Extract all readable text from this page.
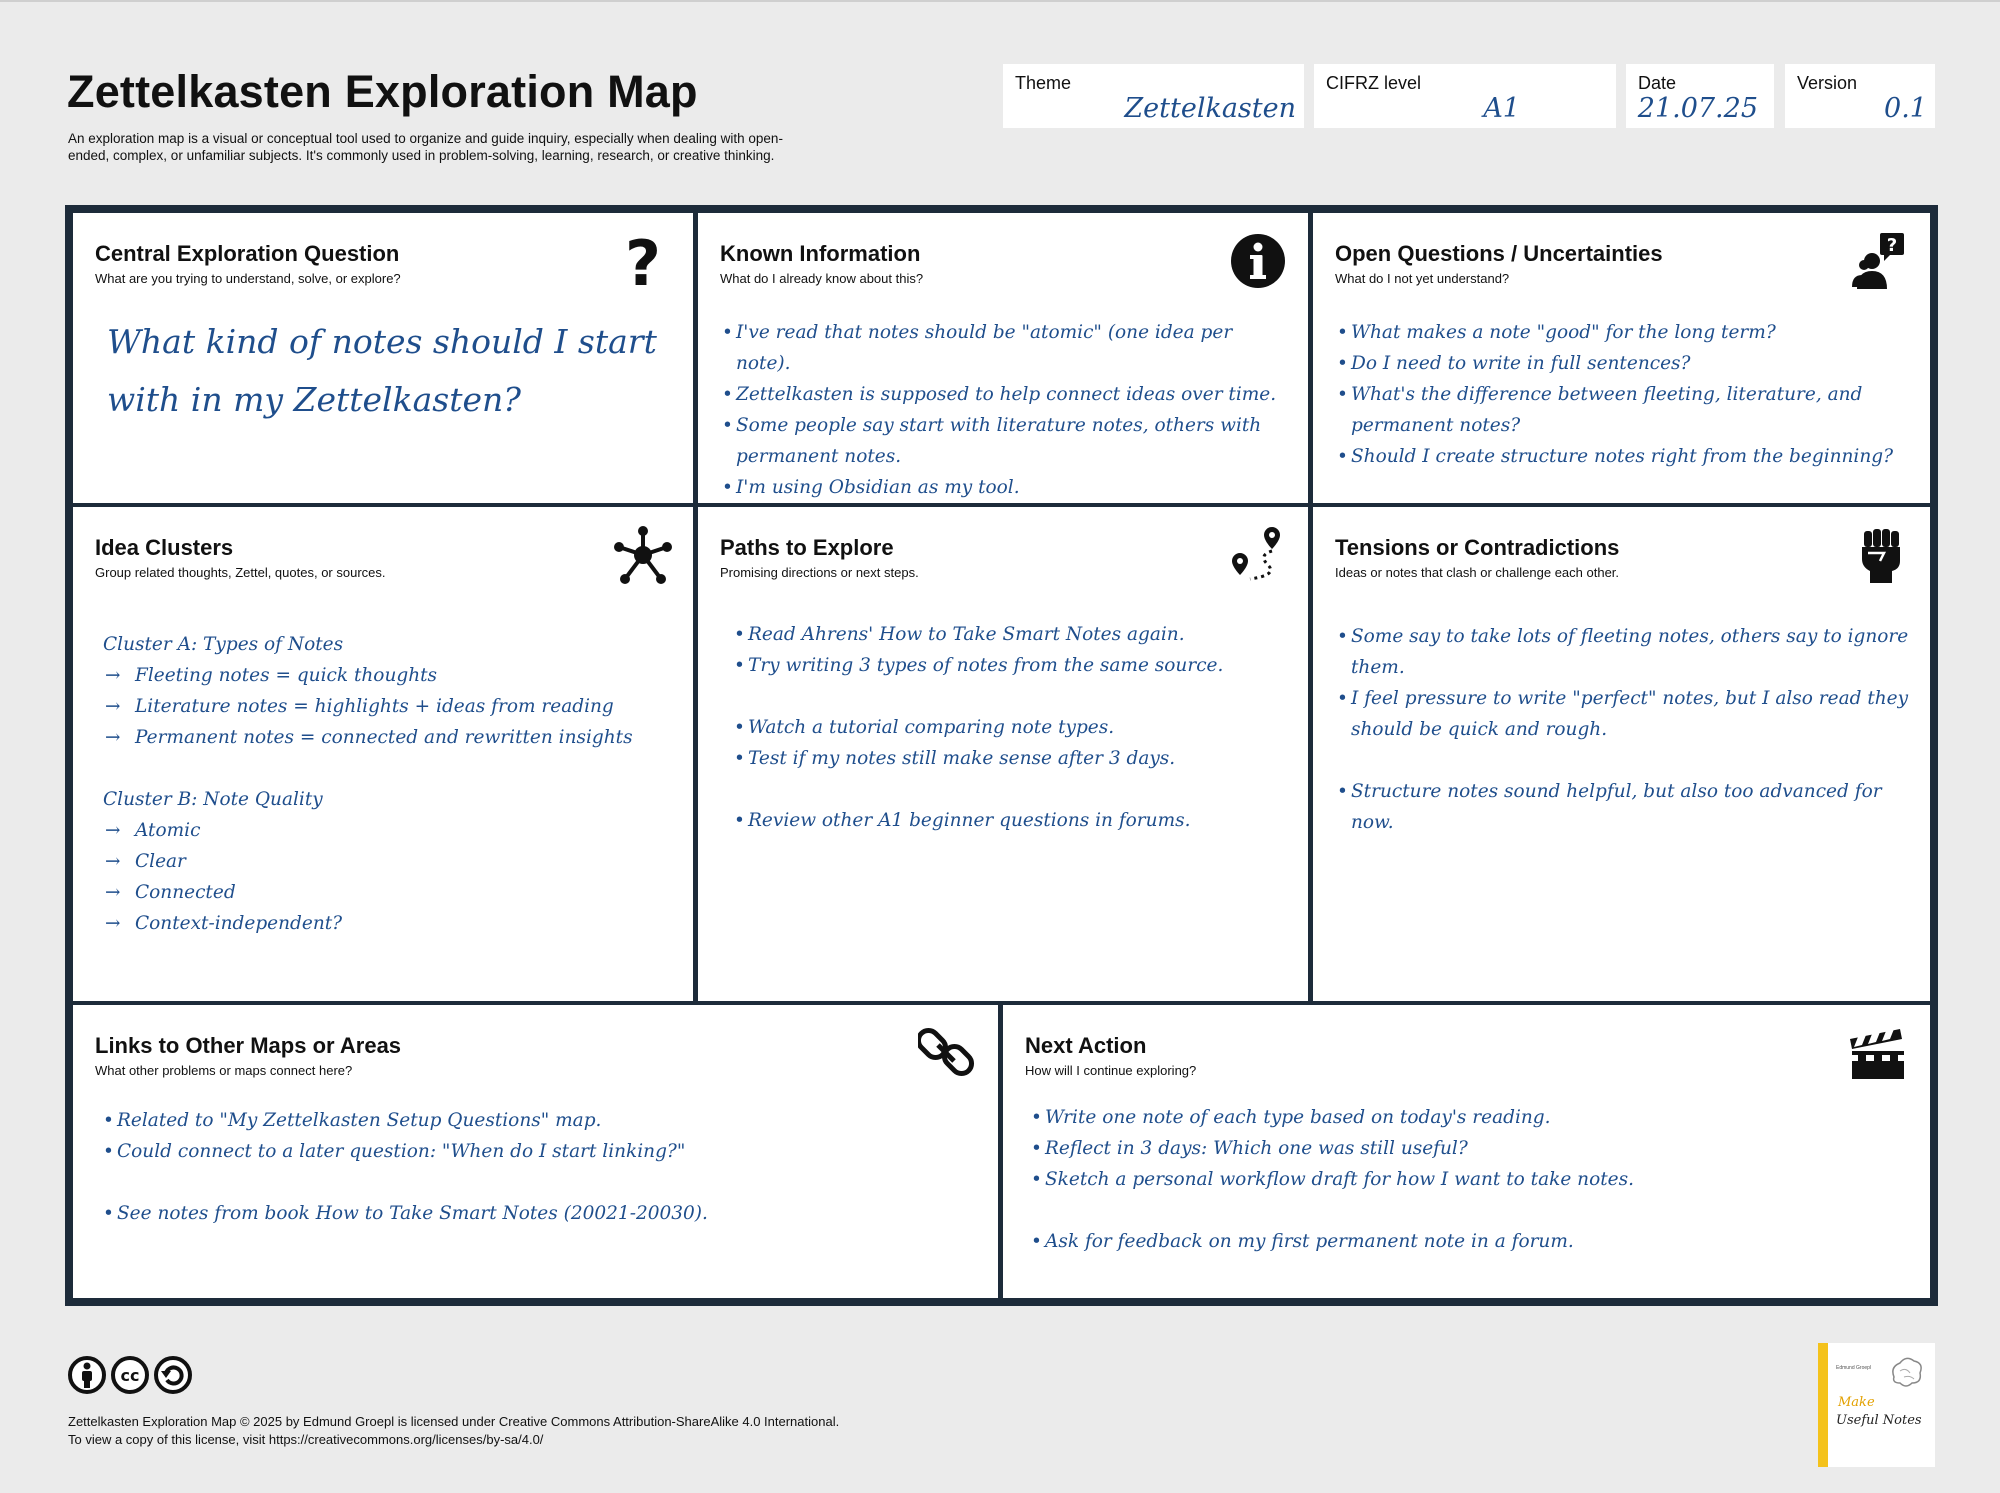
Zettelkasten Exploration Map
An exploration map is a visual or conceptual tool used to organize and guide inquiry, especially when dealing with open-ended, complex, or unfamiliar subjects. It's commonly used in problem-solving, learning, research, or creative thinking.
Theme
Zettelkasten
CIFRZ level
A1
Date
21.07.25
Version
0.1
Central Exploration Question
What are you trying to understand, solve, or explore?	?
What kind of notes should I start with in my Zettelkasten?
Known Information
What do I already know about this?
• I've read that notes should be "atomic" (one idea per note).
• Zettelkasten is supposed to help connect ideas over time.
• Some people say start with literature notes, others with permanent notes.
• I'm using Obsidian as my tool.
Open Questions / Uncertainties
What do I not yet understand?
?
• What makes a note "good" for the long term?
• Do I need to write in full sentences?
• What's the difference between fleeting, literature, and permanent notes?
• Should I create structure notes right from the beginning?
Idea Clusters
Group related thoughts, Zettel, quotes, or sources.
Cluster A: Types of Notes
→ Fleeting notes = quick thoughts
→ Literature notes = highlights + ideas from reading
→ Permanent notes = connected and rewritten insights
Cluster B: Note Quality
→ Atomic
→ Clear
→ Connected
→ Context-independent?
Paths to Explore
Promising directions or next steps.
• Read Ahrens' How to Take Smart Notes again.
• Try writing 3 types of notes from the same source.
• Watch a tutorial comparing note types.
• Test if my notes still make sense after 3 days.
• Review other A1 beginner questions in forums.
Tensions or Contradictions
Ideas or notes that clash or challenge each other.
• Some say to take lots of fleeting notes, others say to ignore them.
• I feel pressure to write "perfect" notes, but I also read they should be quick and rough.
• Structure notes sound helpful, but also too advanced for now.
Links to Other Maps or Areas
What other problems or maps connect here?
• Related to "My Zettelkasten Setup Questions" map.
• Could connect to a later question: "When do I start linking?"
• See notes from book How to Take Smart Notes (20021-20030).
Next Action
How will I continue exploring?
• Write one note of each type based on today's reading.
• Reflect in 3 days: Which one was still useful?
• Sketch a personal workflow draft for how I want to take notes.
• Ask for feedback on my first permanent note in a forum.
cc
Zettelkasten Exploration Map © 2025 by Edmund Groepl is licensed under Creative Commons Attribution-ShareAlike 4.0 International.
To view a copy of this license, visit https://creativecommons.org/licenses/by-sa/4.0/
Edmund Groepl
Make
Useful Notes
